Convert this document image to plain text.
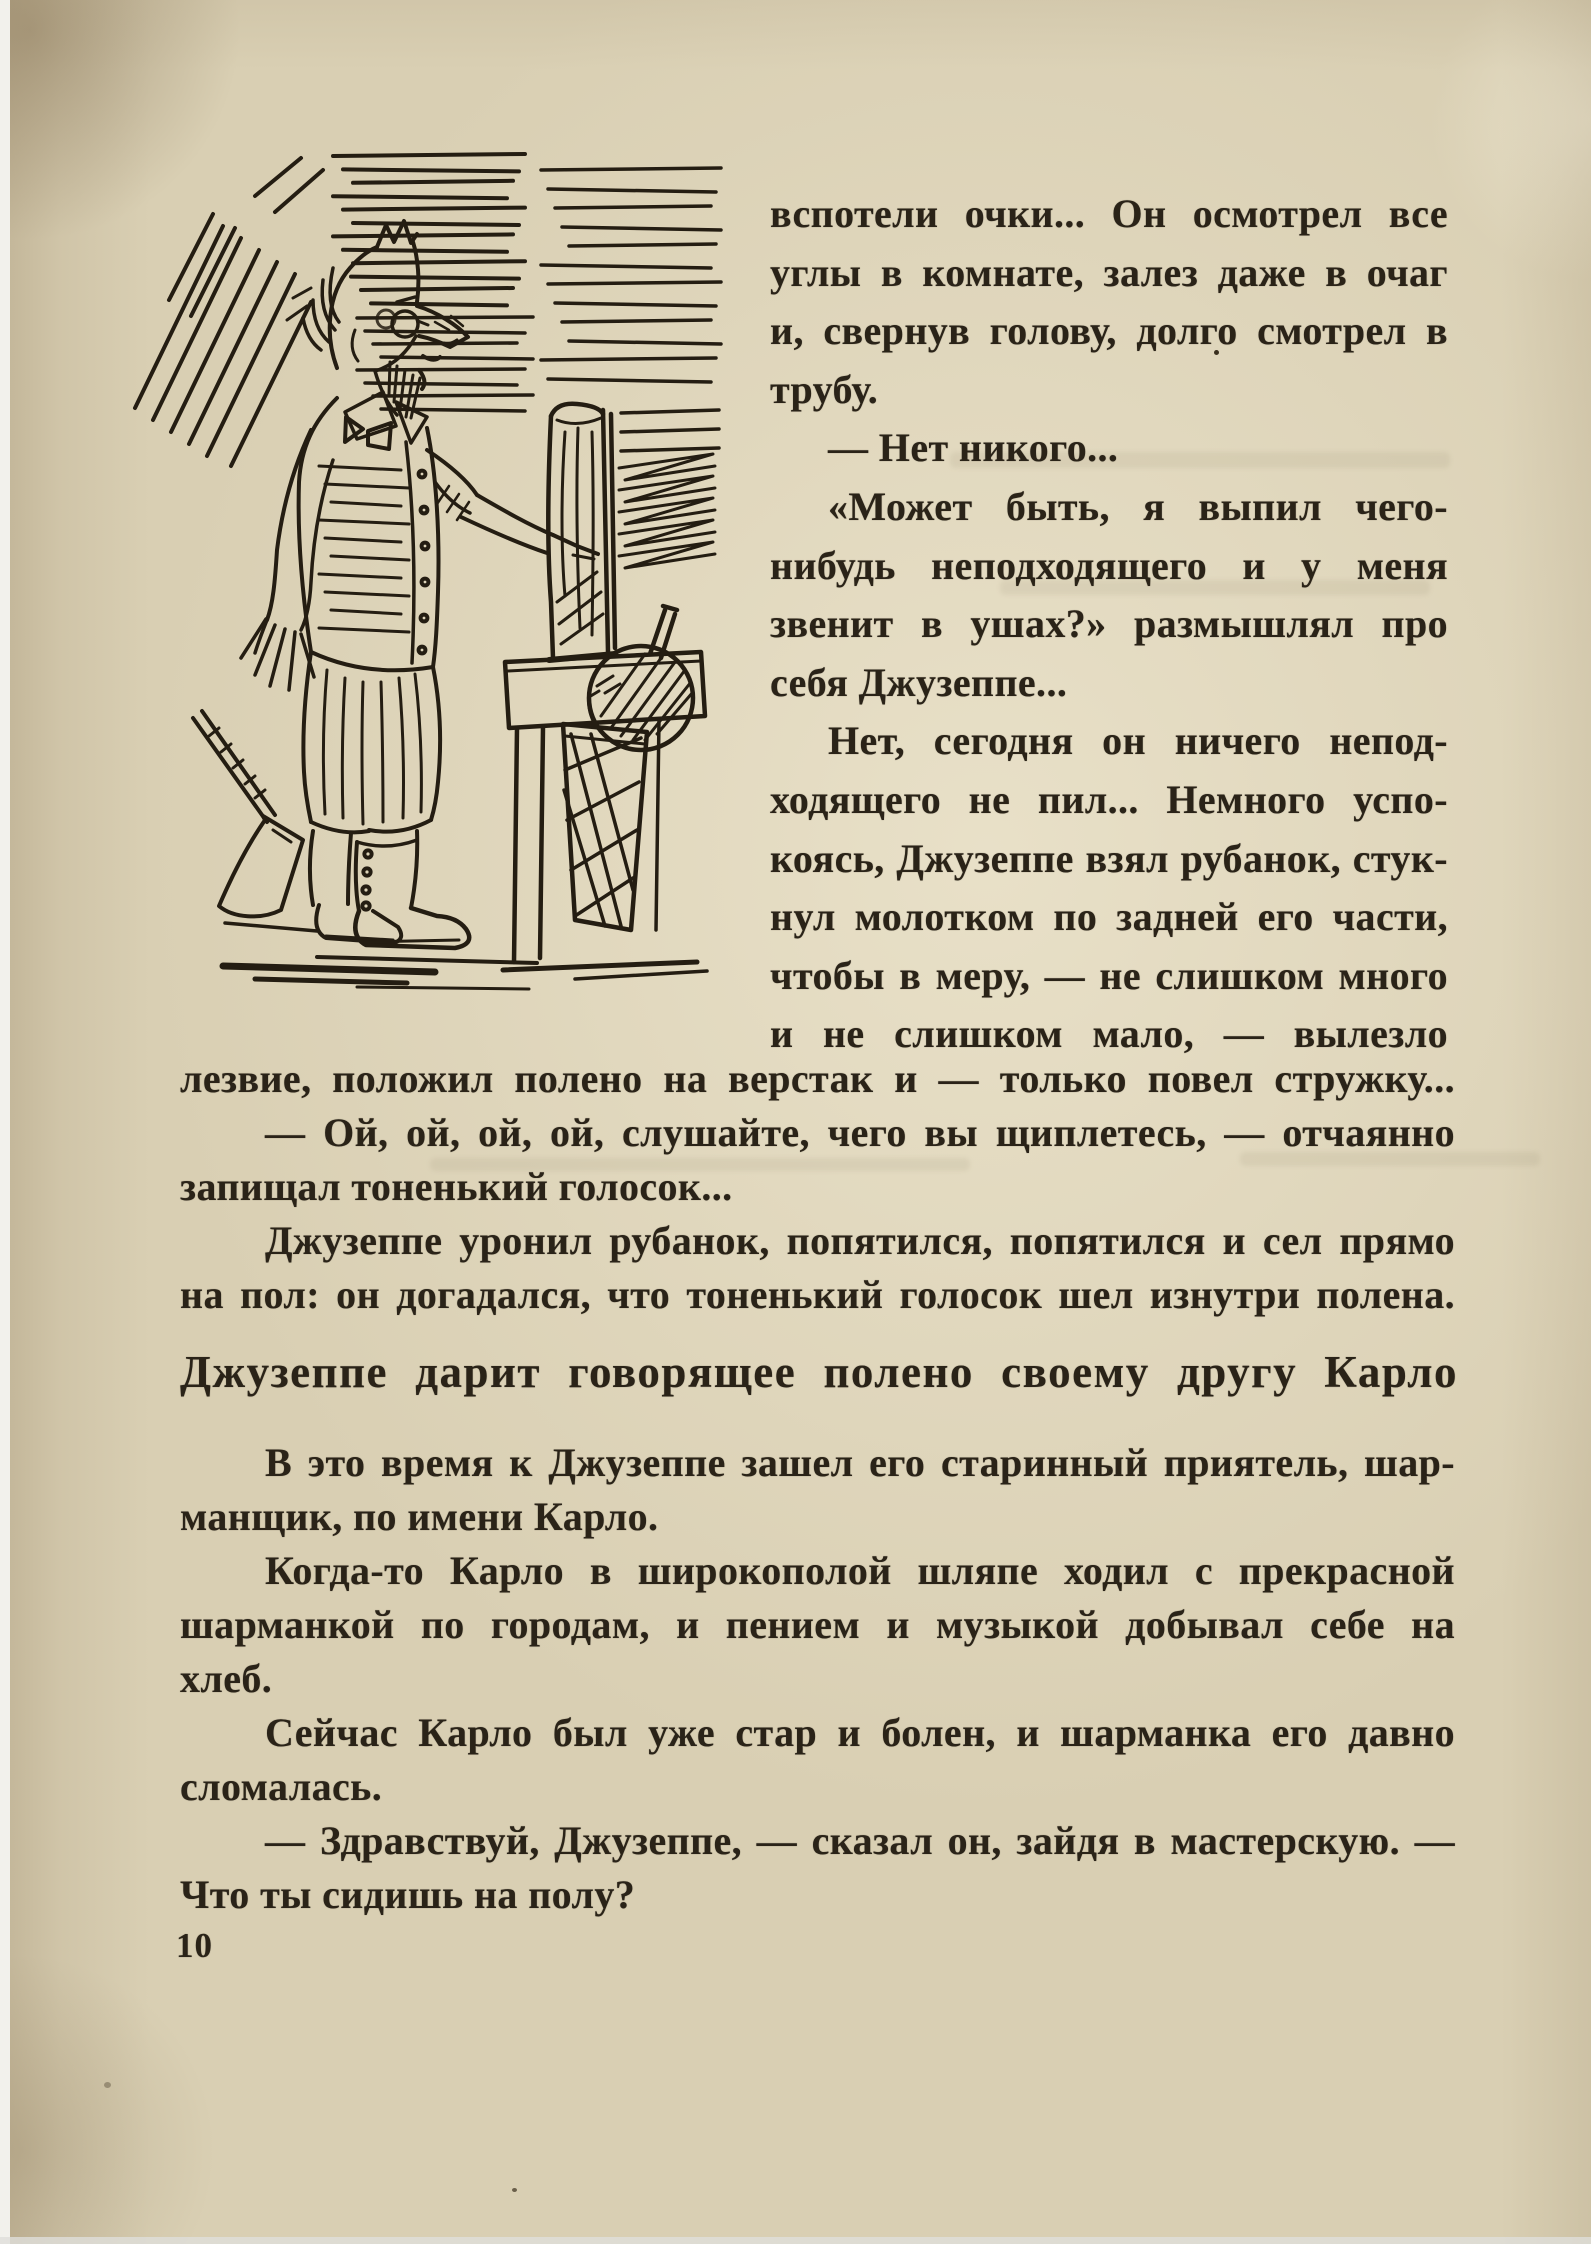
вспотели очки... Он осмотрел все
углы в комнате, залез даже в очаг
и, свернув голову, долго смотрел в
трубу.
— Нет никого...
«Может быть, я выпил чего-
нибудь неподходящего и у меня
звенит в ушах?» размышлял про
себя Джузеппе...
Нет, сегодня он ничего непод-
ходящего не пил... Немного успо-
коясь, Джузеппе взял рубанок, стук-
нул молотком по задней его части,
чтобы в меру, — не слишком много
и не слишком мало, — вылезло
лезвие, положил полено на верстак и — только повел стружку...
— Ой, ой, ой, ой, слушайте, чего вы щиплетесь, — отчаянно
запищал тоненький голосок...
Джузеппе уронил рубанок, попятился, попятился и сел прямо
на пол: он догадался, что тоненький голосок шел изнутри полена.
Джузеппе дарит говорящее полено своему другу Карло
В это время к Джузеппе зашел его старинный приятель, шар-
манщик, по имени Карло.
Когда-то Карло в широкополой шляпе ходил с прекрасной
шарманкой по городам, и пением и музыкой добывал себе на
хлеб.
Сейчас Карло был уже стар и болен, и шарманка его давно
сломалась.
— Здравствуй, Джузеппе, — сказал он, зайдя в мастерскую. —
Что ты сидишь на полу?
10
